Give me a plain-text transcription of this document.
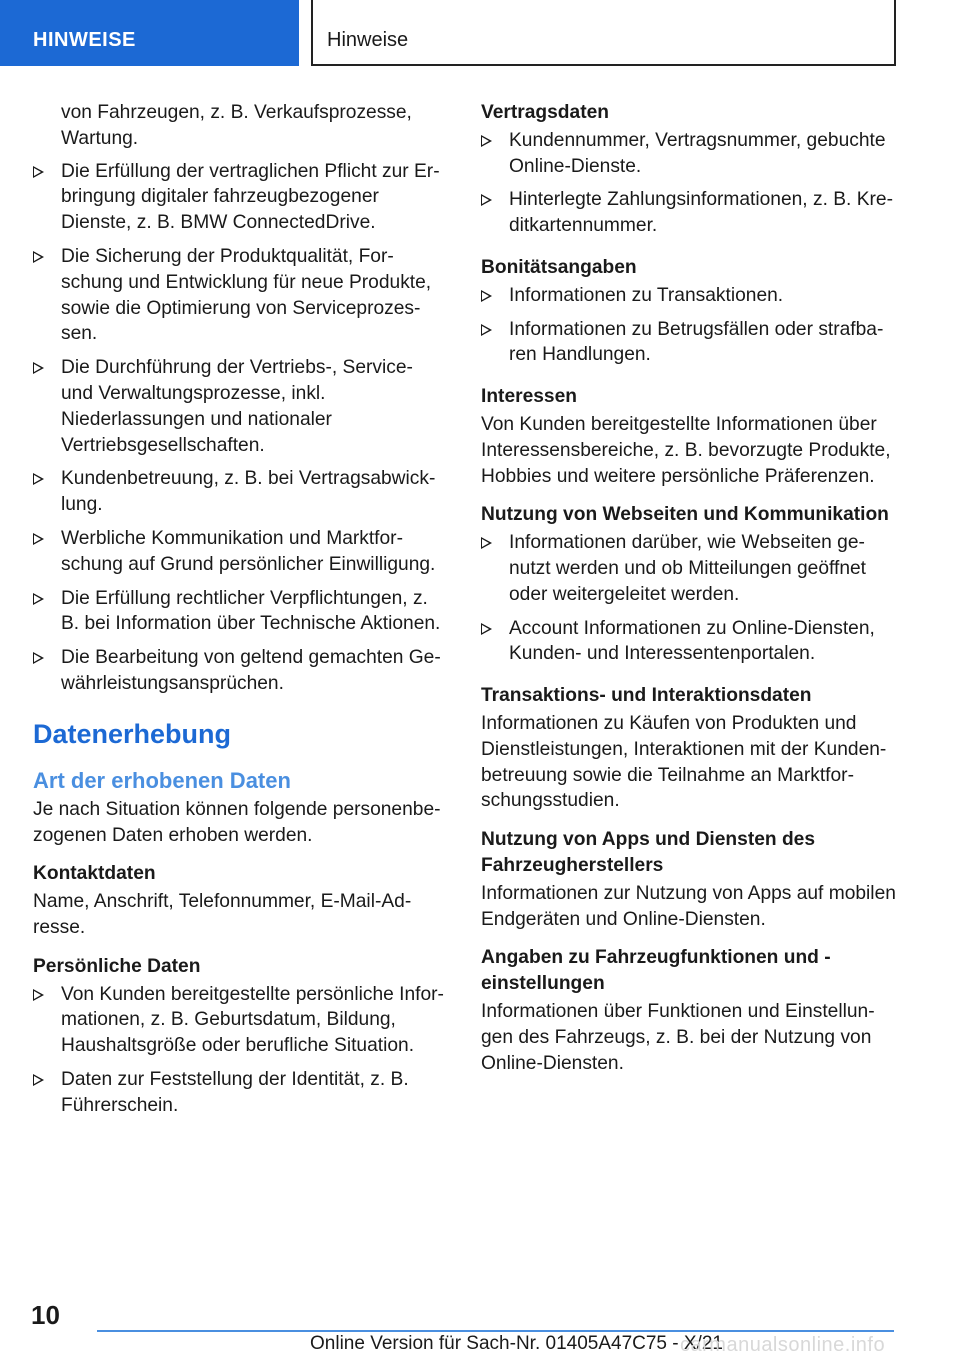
HINWEISE	Hinweise
von Fahrzeugen, z. B. Verkaufsprozesse, Wartung.
Die Erfüllung der vertraglichen Pflicht zur Erbringung digitaler fahrzeugbezogener Dienste, z. B. BMW ConnectedDrive.
Die Sicherung der Produktqualität, Forschung und Entwicklung für neue Produkte, sowie die Optimierung von Serviceprozessen.
Die Durchführung der Vertriebs-, Service- und Verwaltungsprozesse, inkl. Niederlassungen und nationaler Vertriebsgesellschaften.
Kundenbetreuung, z. B. bei Vertragsabwicklung.
Werbliche Kommunikation und Marktforschung auf Grund persönlicher Einwilligung.
Die Erfüllung rechtlicher Verpflichtungen, z. B. bei Information über Technische Aktionen.
Die Bearbeitung von geltend gemachten Gewährleistungsansprüchen.
Datenerhebung
Art der erhobenen Daten
Je nach Situation können folgende personenbezogenen Daten erhoben werden.
Kontaktdaten
Name, Anschrift, Telefonnummer, E-Mail-Adresse.
Persönliche Daten
Von Kunden bereitgestellte persönliche Informationen, z. B. Geburtsdatum, Bildung, Haushaltsgröße oder berufliche Situation.
Daten zur Feststellung der Identität, z. B. Führerschein.
Vertragsdaten
Kundennummer, Vertragsnummer, gebuchte Online-Dienste.
Hinterlegte Zahlungsinformationen, z. B. Kreditkartennummer.
Bonitätsangaben
Informationen zu Transaktionen.
Informationen zu Betrugsfällen oder strafbaren Handlungen.
Interessen
Von Kunden bereitgestellte Informationen über Interessensbereiche, z. B. bevorzugte Produkte, Hobbies und weitere persönliche Präferenzen.
Nutzung von Webseiten und Kommunikation
Informationen darüber, wie Webseiten genutzt werden und ob Mitteilungen geöffnet oder weitergeleitet werden.
Account Informationen zu Online-Diensten, Kunden- und Interessentenportalen.
Transaktions- und Interaktionsdaten
Informationen zu Käufen von Produkten und Dienstleistungen, Interaktionen mit der Kundenbetreuung sowie die Teilnahme an Marktforschungsstudien.
Nutzung von Apps und Diensten des Fahrzeugherstellers
Informationen zur Nutzung von Apps auf mobilen Endgeräten und Online-Diensten.
Angaben zu Fahrzeugfunktionen und -einstellungen
Informationen über Funktionen und Einstellungen des Fahrzeugs, z. B. bei der Nutzung von Online-Diensten.
10
Online Version für Sach-Nr. 01405A47C75 - X/21
carmanualsonline.info
